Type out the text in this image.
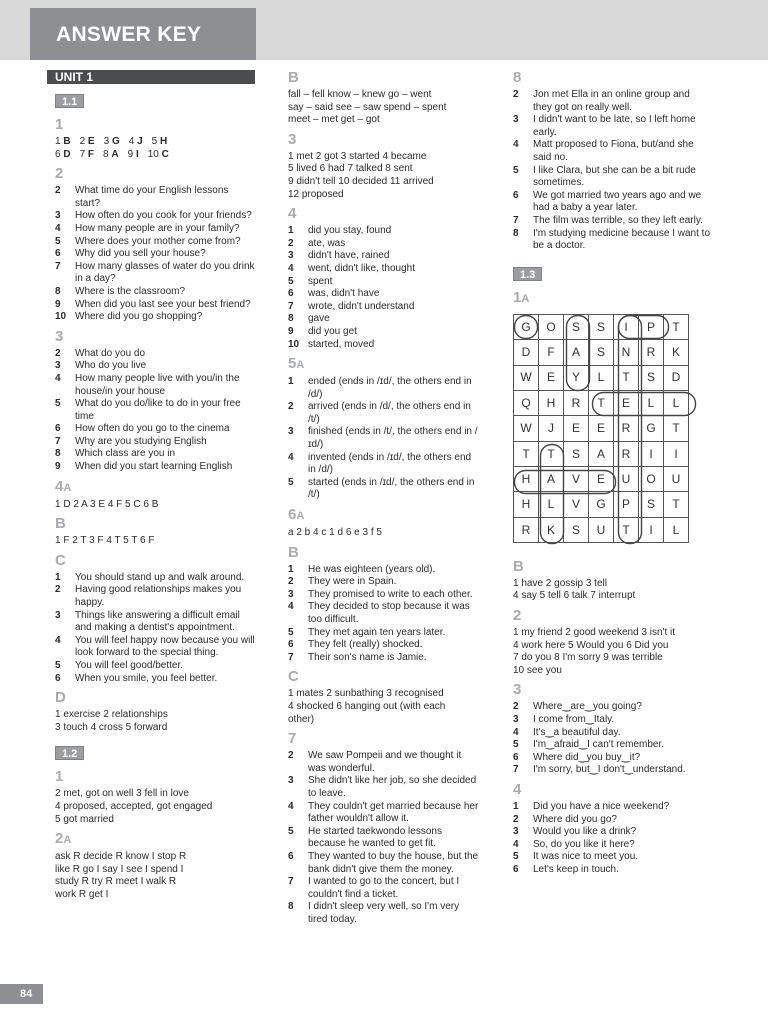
ANSWER KEY
UNIT 1
1.1
1
1 B 2 E 3 G 4 J 5 H
6 D 7 F 8 A 9 I 10 C
2
2 What time do your English lessons start?
3 How often do you cook for your friends?
4 How many people are in your family?
5 Where does your mother come from?
6 Why did you sell your house?
7 How many glasses of water do you drink in a day?
8 Where is the classroom?
9 When did you last see your best friend?
10 Where did you go shopping?
3
2 What do you do
3 Who do you live
4 How many people live with you/in the house/in your house
5 What do you do/like to do in your free time
6 How often do you go to the cinema
7 Why are you studying English
8 Which class are you in
9 When did you start learning English
4A
1 D 2 A 3 E 4 F 5 C 6 B
B
1 F 2 T 3 F 4 T 5 T 6 F
C
1 You should stand up and walk around.
2 Having good relationships makes you happy.
3 Things like answering a difficult email and making a dentist's appointment.
4 You will feel happy now because you will look forward to the special thing.
5 You will feel good/better.
6 When you smile, you feel better.
D
1 exercise 2 relationships
3 touch 4 cross 5 forward
1.2
1
2 met, got on well 3 fell in love
4 proposed, accepted, got engaged
5 got married
2A
ask R decide R know I stop R
like R go I say I see I spend I
study R try R meet I walk R
work R get I
B
fall – fell know – knew go – went
say – said see – saw spend – spent
meet – met get – got
3
1 met 2 got 3 started 4 became
5 lived 6 had 7 talked 8 sent
9 didn't tell 10 decided 11 arrived
12 proposed
4
1 did you stay, found
2 ate, was
3 didn't have, rained
4 went, didn't like, thought
5 spent
6 was, didn't have
7 wrote, didn't understand
8 gave
9 did you get
10 started, moved
5A
1 ended (ends in /ɪd/, the others end in /d/)
2 arrived (ends in /d/, the others end in /t/)
3 finished (ends in /t/, the others end in /ɪd/)
4 invented (ends in /ɪd/, the others end in /d/)
5 started (ends in /ɪd/, the others end in /t/)
6A
a 2 b 4 c 1 d 6 e 3 f 5
B
1 He was eighteen (years old).
2 They were in Spain.
3 They promised to write to each other.
4 They decided to stop because it was too difficult.
5 They met again ten years later.
6 They felt (really) shocked.
7 Their son's name is Jamie.
C
1 mates 2 sunbathing 3 recognised
4 shocked 6 hanging out (with each
other)
7
2 We saw Pompeii and we thought it was wonderful.
3 She didn't like her job, so she decided to leave.
4 They couldn't get married because her father wouldn't allow it.
5 He started taekwondo lessons because he wanted to get fit.
6 They wanted to buy the house, but the bank didn't give them the money.
7 I wanted to go to the concert, but I couldn't find a ticket.
8 I didn't sleep very well, so I'm very tired today.
8
2 Jon met Ella in an online group and they got on really well.
3 I didn't want to be late, so I left home early.
4 Matt proposed to Fiona, but/and she said no.
5 I like Clara, but she can be a bit rude sometimes.
6 We got married two years ago and we had a baby a year later.
7 The film was terrible, so they left early.
8 I'm studying medicine because I want to be a doctor.
1.3
1A
G	O	S	S	I	P	T
D	F	A	S	N	R	K
W	E	Y	L	T	S	D
Q	H	R	T	E	L	L
W	J	E	E	R	G	T
T	T	S	A	R	I	I
H	A	V	E	U	O	U
H	L	V	G	P	S	T
R	K	S	U	T	I	L
B
1 have 2 gossip 3 tell
4 say 5 tell 6 talk 7 interrupt
2
1 my friend 2 good weekend 3 isn't it
4 work here 5 Would you 6 Did you
7 do you 8 I'm sorry 9 was terrible
10 see you
3
2 Where‿are‿you going?
3 I come from‿Italy.
4 It's‿a beautiful day.
5 I'm‿afraid‿I can't remember.
6 Where did‿you buy‿it?
7 I'm sorry, but‿I don't‿understand.
4
1 Did you have a nice weekend?
2 Where did you go?
3 Would you like a drink?
4 So, do you like it here?
5 It was nice to meet you.
6 Let's keep in touch.
84
